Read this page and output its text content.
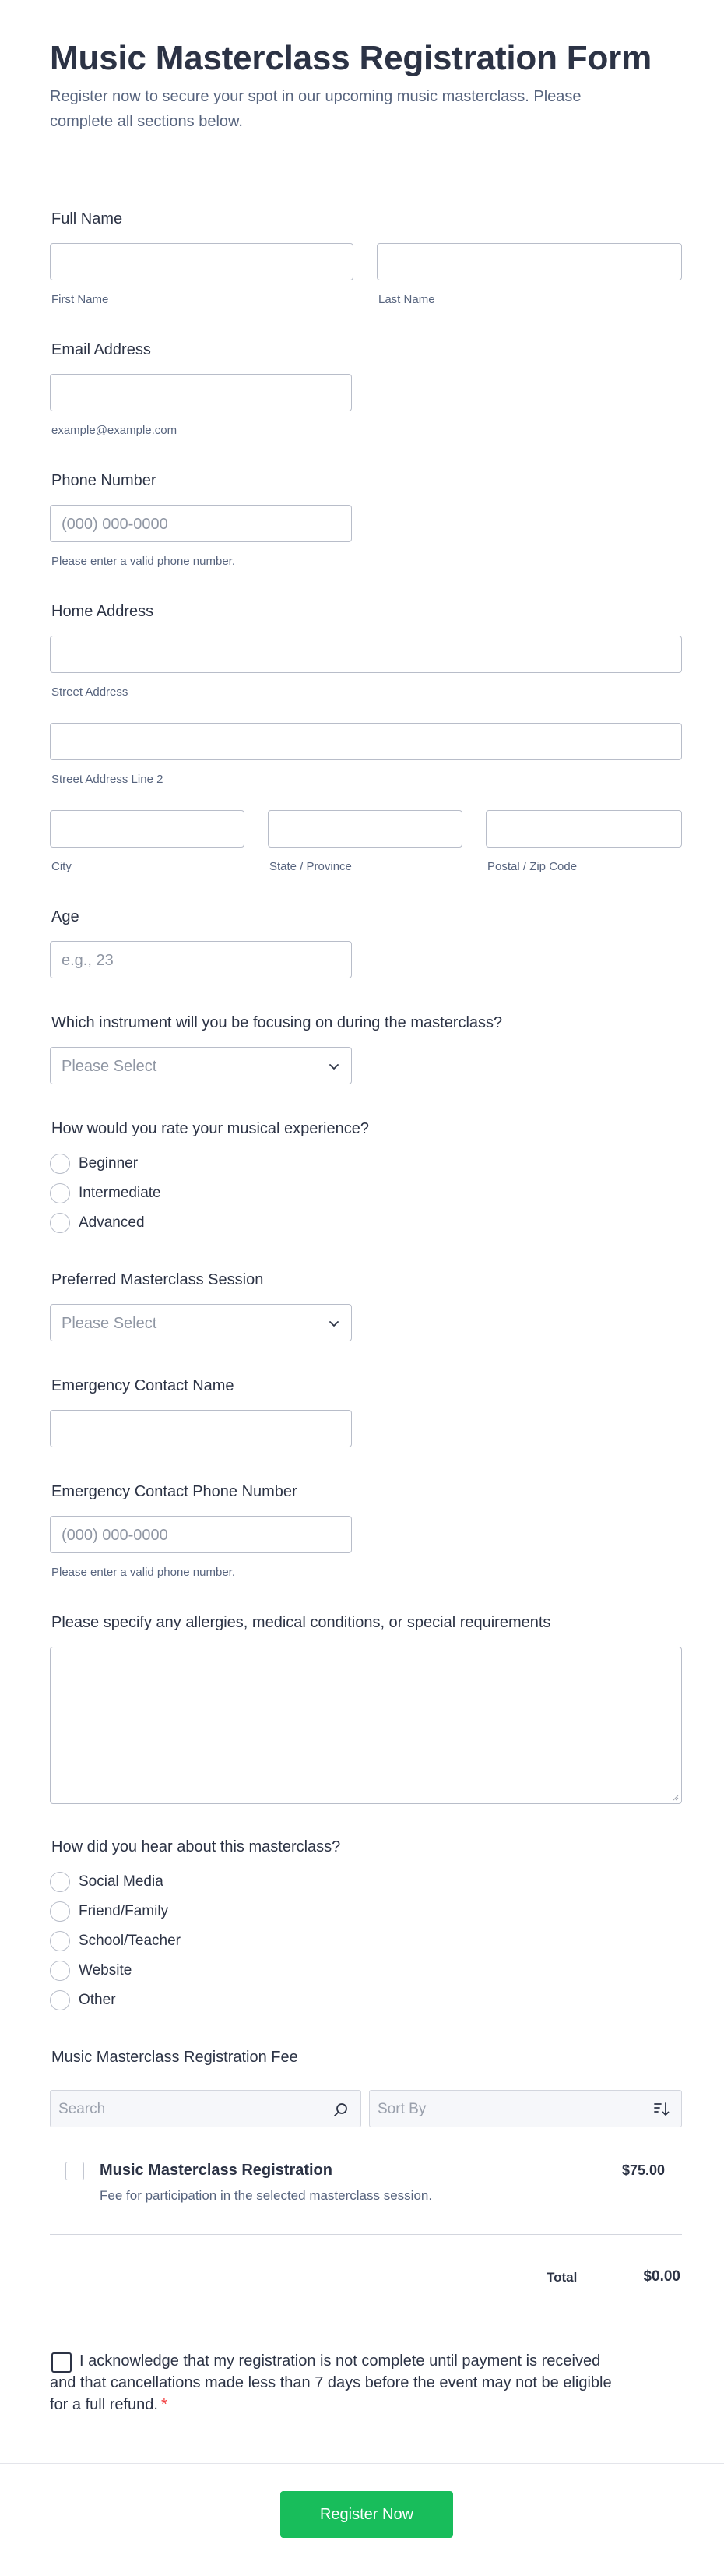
Music Masterclass Registration Form
Register now to secure your spot in our upcoming music masterclass. Please complete all sections below.
Full Name
First Name	Last Name
Email Address
example@example.com
Phone Number
(000) 000-0000
Please enter a valid phone number.
Home Address
Street Address
Street Address Line 2
City	State / Province	Postal / Zip Code
Age
e.g., 23
Which instrument will you be focusing on during the masterclass?
Please Select
How would you rate your musical experience?
Beginner
Intermediate
Advanced
Preferred Masterclass Session
Please Select
Emergency Contact Name
Emergency Contact Phone Number
(000) 000-0000
Please enter a valid phone number.
Please specify any allergies, medical conditions, or special requirements
How did you hear about this masterclass?
Social Media
Friend/Family
School/Teacher
Website
Other
Music Masterclass Registration Fee
Search	Sort By
Music Masterclass Registration
Fee for participation in the selected masterclass session.
$75.00
Total	$0.00
I acknowledge that my registration is not complete until payment is received and that cancellations made less than 7 days before the event may not be eligible for a full refund. *
Register Now
